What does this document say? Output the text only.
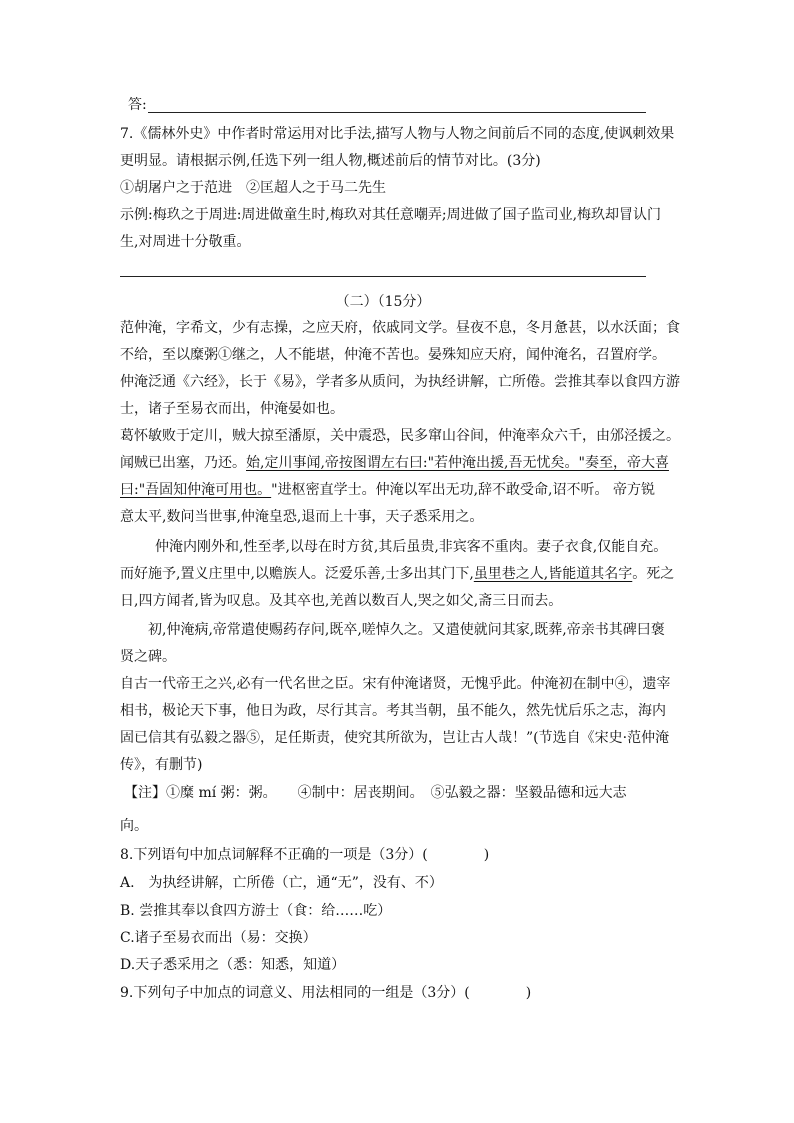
答:
7.《儒林外史》中作者时常运用对比手法,描写人物与人物之间前后不同的态度,使讽刺效果
更明显。请根据示例,任选下列一组人物,概述前后的情节对比。(3分)
①胡屠户之于范进　②匡超人之于马二先生
示例:梅玖之于周进:周进做童生时,梅玖对其任意嘲弄;周进做了国子监司业,梅玖却冒认门
生,对周进十分敬重。
（二）（15分）
范仲淹，字希文，少有志操，之应天府，依戚同文学。昼夜不息，冬月惫甚，以水沃面；食
不给，至以糜粥①继之，人不能堪，仲淹不苦也。晏殊知应天府，闻仲淹名，召置府学。
仲淹泛通《六经》，长于《易》，学者多从质问，为执经讲解，亡所倦。尝推其奉以食四方游
士，诸子至易衣而出，仲淹晏如也。
葛怀敏败于定川，贼大掠至潘原，关中震恐，民多窜山谷间，仲淹率众六千，由邠泾援之。
闻贼已出塞，乃还。始,定川事闻,帝按图谓左右曰:"若仲淹出援,吾无忧矣。"奏至，帝大喜
曰:"吾固知仲淹可用也。"进枢密直学士。仲淹以军出无功,辞不敢受命,诏不听。 帝方锐
意太平,数问当世事,仲淹皇恐,退而上十事，天子悉采用之。
仲淹内刚外和,性至孝,以母在时方贫,其后虽贵,非宾客不重肉。妻子衣食,仅能自充。
而好施予,置义庄里中,以赡族人。泛爱乐善,士多出其门下,虽里巷之人,皆能道其名字。死之
日,四方闻者,皆为叹息。及其卒也,羌酋以数百人,哭之如父,斋三日而去。
初,仲淹病,帝常遣使赐药存问,既卒,嗟悼久之。又遣使就问其家,既葬,帝亲书其碑曰褒
贤之碑。
自古一代帝王之兴,必有一代名世之臣。宋有仲淹诸贤，无愧乎此。仲淹初在制中④，遗宰
相书，极论天下事，他日为政，尽行其言。考其当朝，虽不能久，然先忧后乐之志，海内
固已信其有弘毅之器⑤，足任斯责，使究其所欲为，岂让古人哉！”(节选自《宋史·范仲淹
传》，有删节)
【注】①糜 mí 粥：粥。　　④制中：居丧期间。　⑤弘毅之器：坚毅品德和远大志
向。
8.下列语句中加点词解释不正确的一项是（3分）(　　　　)
A.　为执经讲解，亡所倦（亡，通“无”，没有、不）
B. 尝推其奉以食四方游士（食：给……吃）
C.诸子至易衣而出（易：交换）
D.天子悉采用之（悉：知悉，知道）
9.下列句子中加点的词意义、用法相同的一组是（3分）(　　　　)
